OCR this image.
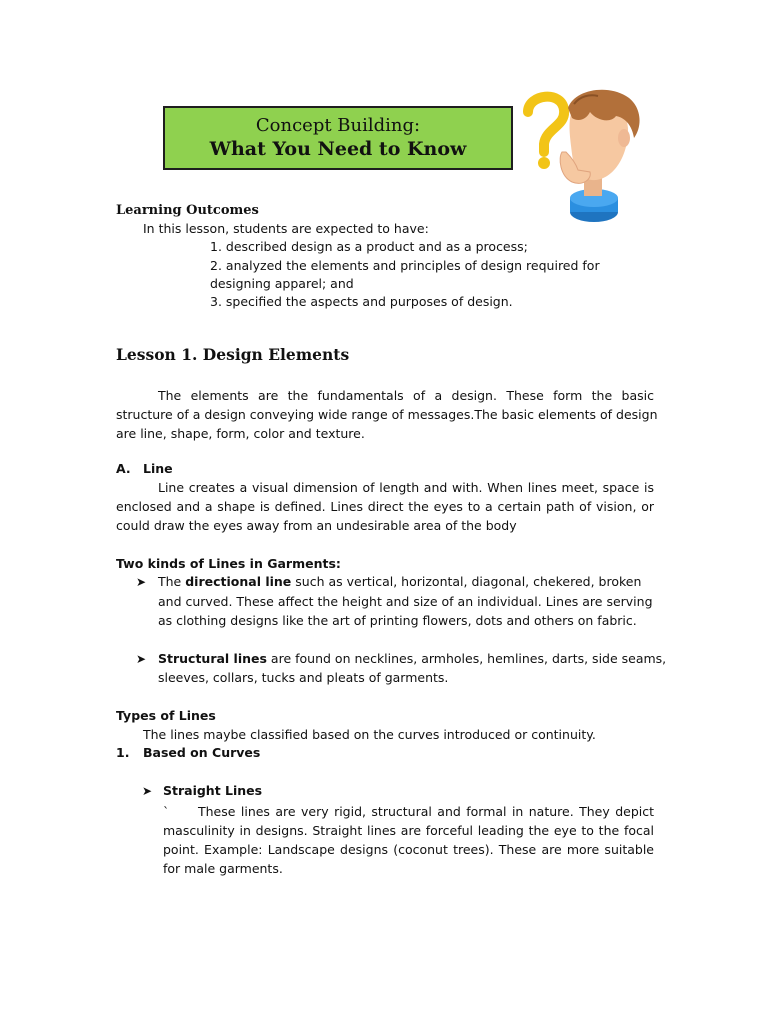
Concept Building:
What You Need to Know
Learning Outcomes
In this lesson, students are expected to have:
1. described design as a product and as a process;
2. analyzed the elements and principles of design required for
designing apparel; and
3. specified the aspects and purposes of design.
Lesson 1. Design Elements
The elements are the fundamentals of a design. These form the basic
structure of a design conveying wide range of messages.The basic elements of design
are line, shape, form, color and texture.
A. Line
Line creates a visual dimension of length and with. When lines meet, space is
enclosed and a shape is defined. Lines direct the eyes to a certain path of vision, or
could draw the eyes away from an undesirable area of the body
Two kinds of Lines in Garments:
➤ The directional line such as vertical, horizontal, diagonal, chekered, broken
and curved. These affect the height and size of an individual. Lines are serving
as clothing designs like the art of printing flowers, dots and others on fabric.
➤ Structural lines are found on necklines, armholes, hemlines, darts, side seams,
sleeves, collars, tucks and pleats of garments.
Types of Lines
The lines maybe classified based on the curves introduced or continuity.
1. Based on Curves
➤ Straight Lines
` These lines are very rigid, structural and formal in nature. They depict
masculinity in designs. Straight lines are forceful leading the eye to the focal
point. Example: Landscape designs (coconut trees). These are more suitable
for male garments.
